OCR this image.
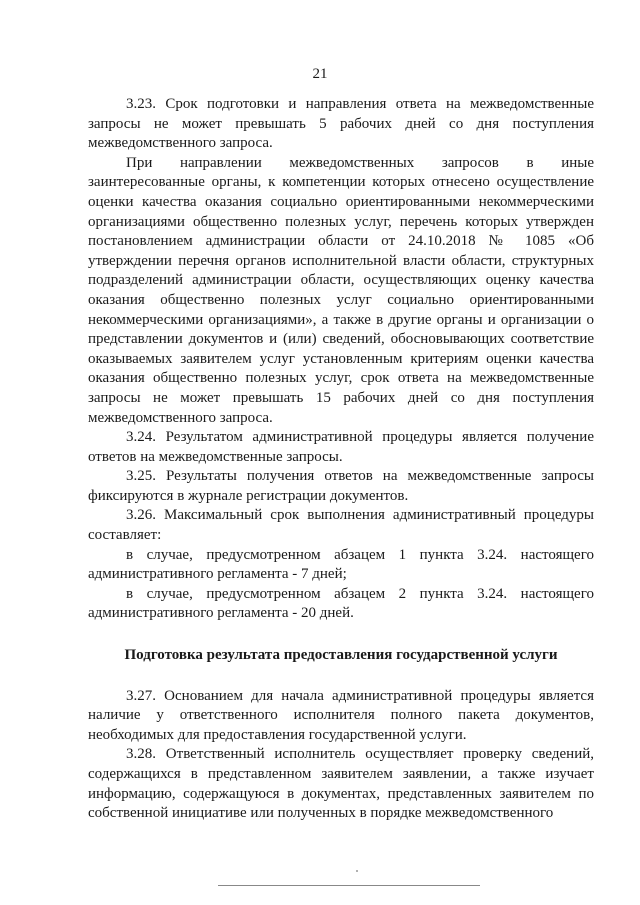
21

3.23. Срок подготовки и направления ответа на межведомственные запросы не может превышать 5 рабочих дней со дня поступления межведомственного запроса.

При направлении межведомственных запросов в иные заинтересованные органы, к компетенции которых отнесено осуществление оценки качества оказания социально ориентированными некоммерческими организациями общественно полезных услуг, перечень которых утвержден постановлением администрации области от 24.10.2018 № 1085 «Об утверждении перечня органов исполнительной власти области, структурных подразделений администрации области, осуществляющих оценку качества оказания общественно полезных услуг социально ориентированными некоммерческими организациями», а также в другие органы и организации о представлении документов и (или) сведений, обосновывающих соответствие оказываемых заявителем услуг установленным критериям оценки качества оказания общественно полезных услуг, срок ответа на межведомственные запросы не может превышать 15 рабочих дней со дня поступления межведомственного запроса.

3.24. Результатом административной процедуры является получение ответов на межведомственные запросы.

3.25. Результаты получения ответов на межведомственные запросы фиксируются в журнале регистрации документов.

3.26. Максимальный срок выполнения административный процедуры составляет:

в случае, предусмотренном абзацем 1 пункта 3.24. настоящего административного регламента - 7 дней;

в случае, предусмотренном абзацем 2 пункта 3.24. настоящего административного регламента - 20 дней.

Подготовка результата предоставления государственной услуги

3.27. Основанием для начала административной процедуры является наличие у ответственного исполнителя полного пакета документов, необходимых для предоставления государственной услуги.

3.28. Ответственный исполнитель осуществляет проверку сведений, содержащихся в представленном заявителем заявлении, а также изучает информацию, содержащуюся в документах, представленных заявителем по собственной инициативе или полученных в порядке межведомственного
